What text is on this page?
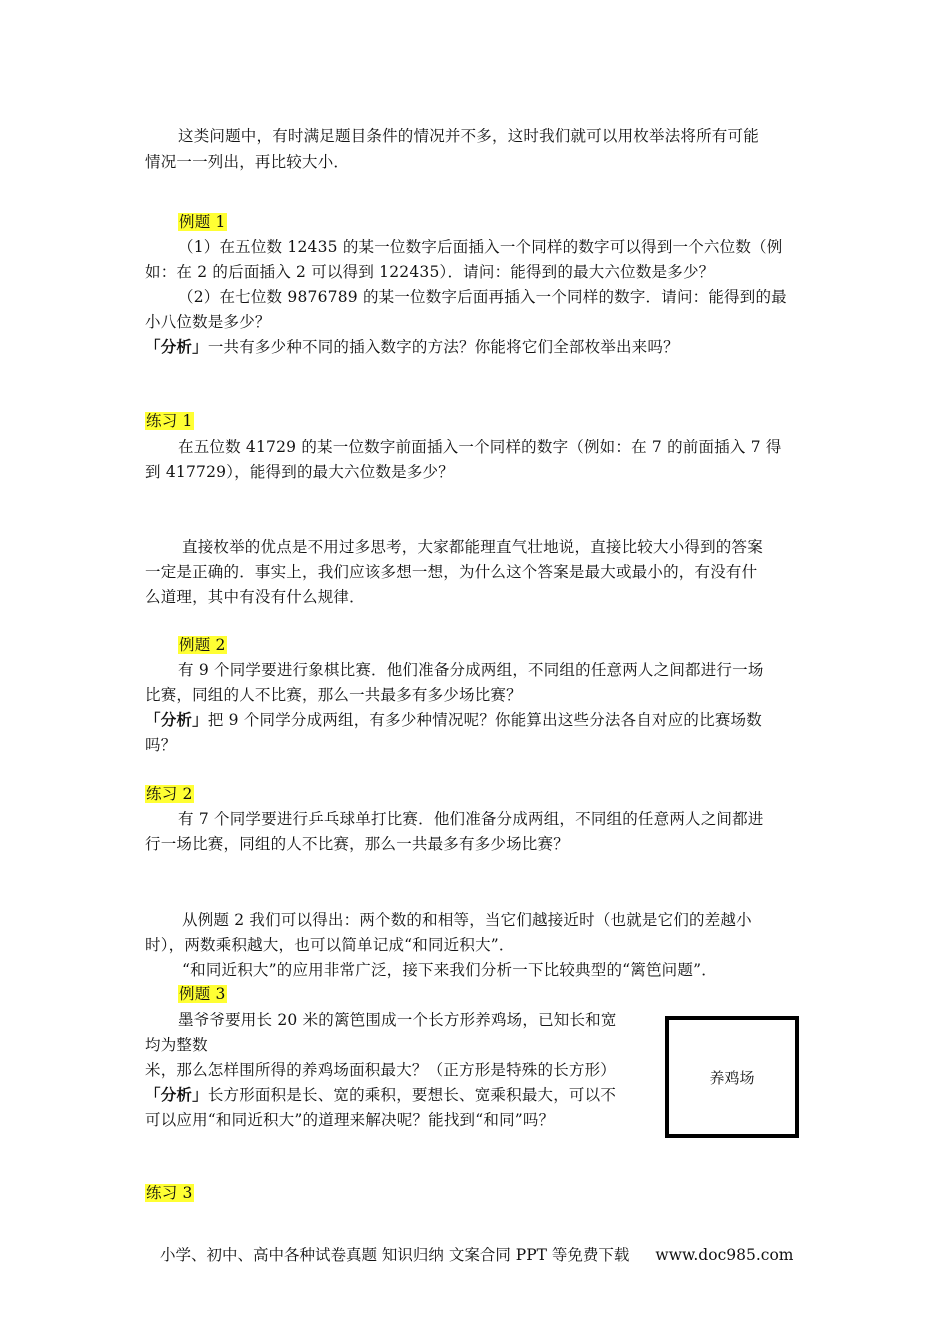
这类问题中，有时满足题目条件的情况并不多，这时我们就可以用枚举法将所有可能
情况一一列出，再比较大小．
例题 1
（1）在五位数 12435 的某一位数字后面插入一个同样的数字可以得到一个六位数（例
如：在 2 的后面插入 2 可以得到 122435）．请问：能得到的最大六位数是多少？
（2）在七位数 9876789 的某一位数字后面再插入一个同样的数字．请问：能得到的最
小八位数是多少？
「分析」一共有多少种不同的插入数字的方法？你能将它们全部枚举出来吗？
练习 1
在五位数 41729 的某一位数字前面插入一个同样的数字（例如：在 7 的前面插入 7 得
到 417729），能得到的最大六位数是多少？
直接枚举的优点是不用过多思考，大家都能理直气壮地说，直接比较大小得到的答案
一定是正确的．事实上，我们应该多想一想，为什么这个答案是最大或最小的，有没有什
么道理，其中有没有什么规律．
例题 2
有 9 个同学要进行象棋比赛．他们准备分成两组，不同组的任意两人之间都进行一场
比赛，同组的人不比赛，那么一共最多有多少场比赛？
「分析」把 9 个同学分成两组，有多少种情况呢？你能算出这些分法各自对应的比赛场数
吗？
练习 2
有 7 个同学要进行乒乓球单打比赛．他们准备分成两组，不同组的任意两人之间都进
行一场比赛，同组的人不比赛，那么一共最多有多少场比赛？
从例题 2 我们可以得出：两个数的和相等，当它们越接近时（也就是它们的差越小
时），两数乘积越大，也可以简单记成“和同近积大”．
“和同近积大”的应用非常广泛，接下来我们分析一下比较典型的“篱笆问题”．
例题 3
墨爷爷要用长 20 米的篱笆围成一个长方形养鸡场，已知长和宽
均为整数
米，那么怎样围所得的养鸡场面积最大？（正方形是特殊的长方形）
「分析」长方形面积是长、宽的乘积，要想长、宽乘积最大，可以不
可以应用“和同近积大”的道理来解决呢？能找到“和同”吗？
养鸡场
练习 3
小学、初中、高中各种试卷真题 知识归纳 文案合同 PPT 等免费下载 www.doc985.com
